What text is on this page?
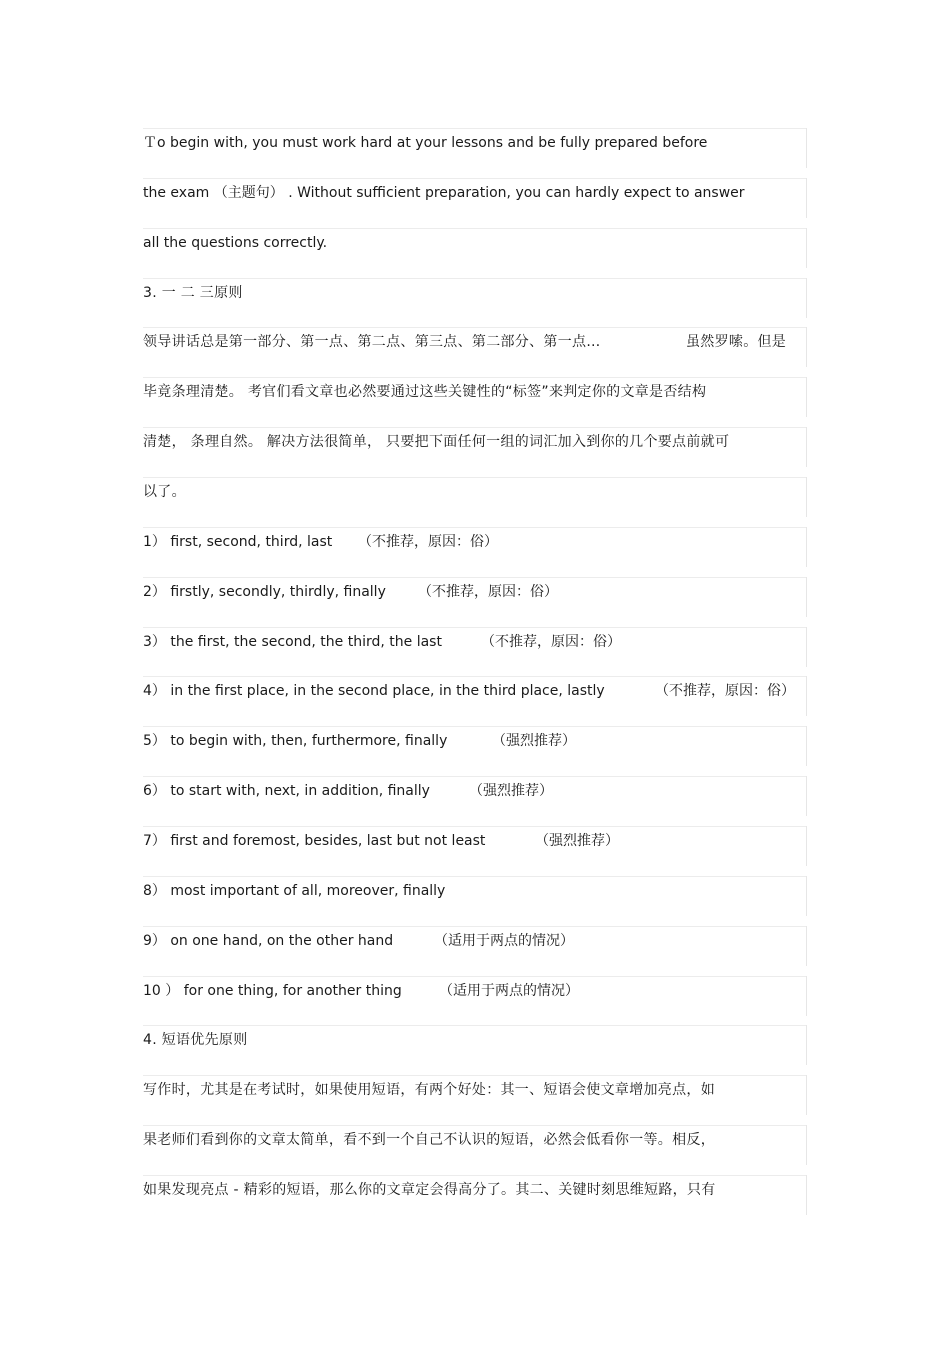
Ｔo begin with, you must work hard at your lessons and be fully prepared before
the exam （主题句） . Without sufficient preparation, you can hardly expect to answer
all the questions correctly.
3. 一 二 三原则
领导讲话总是第一部分、第一点、第二点、第三点、第二部分、第一点…	虽然罗嗦。但是
毕竟条理清楚。 考官们看文章也必然要通过这些关键性的“标签”来判定你的文章是否结构
清楚， 条理自然。 解决方法很简单， 只要把下面任何一组的词汇加入到你的几个要点前就可
以了。
1） first, second, third, last （不推荐，原因：俗）
2） firstly, secondly, thirdly, finally （不推荐，原因：俗）
3） the first, the second, the third, the last	（不推荐，原因：俗）
4） in the first place, in the second place, in the third place, lastly	（不推荐，原因：俗）
5） to begin with, then, furthermore, finally	（强烈推荐）
6） to start with, next, in addition, finally	（强烈推荐）
7） first and foremost, besides, last but not least	（强烈推荐）
8） most important of all, moreover, finally
9） on one hand, on the other hand	（适用于两点的情况）
10 ） for one thing, for another thing	（适用于两点的情况）
4. 短语优先原则
写作时，尤其是在考试时，如果使用短语，有两个好处：其一、短语会使文章增加亮点，如
果老师们看到你的文章太简单，看不到一个自己不认识的短语，必然会低看你一等。相反，
如果发现亮点 - 精彩的短语，那么你的文章定会得高分了。其二、关键时刻思维短路，只有
